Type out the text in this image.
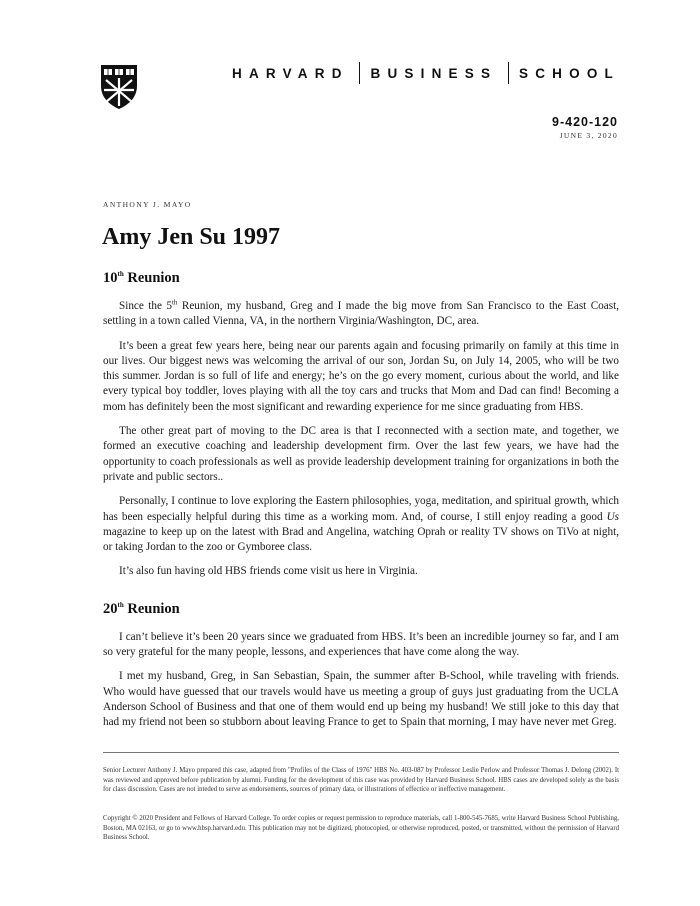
HARVARD BUSINESS SCHOOL
9-420-120
JUNE 3, 2020
ANTHONY J. MAYO
Amy Jen Su 1997
10th Reunion

Since the 5th Reunion, my husband, Greg and I made the big move from San Francisco to the East Coast, settling in a town called Vienna, VA, in the northern Virginia/Washington, DC, area.

It’s been a great few years here, being near our parents again and focusing primarily on family at this time in our lives. Our biggest news was welcoming the arrival of our son, Jordan Su, on July 14, 2005, who will be two this summer. Jordan is so full of life and energy; he’s on the go every moment, curious about the world, and like every typical boy toddler, loves playing with all the toy cars and trucks that Mom and Dad can find! Becoming a mom has definitely been the most significant and rewarding experience for me since graduating from HBS.

The other great part of moving to the DC area is that I reconnected with a section mate, and together, we formed an executive coaching and leadership development firm. Over the last few years, we have had the opportunity to coach professionals as well as provide leadership development training for organizations in both the private and public sectors..

Personally, I continue to love exploring the Eastern philosophies, yoga, meditation, and spiritual growth, which has been especially helpful during this time as a working mom. And, of course, I still enjoy reading a good Us magazine to keep up on the latest with Brad and Angelina, watching Oprah or reality TV shows on TiVo at night, or taking Jordan to the zoo or Gymboree class.

It’s also fun having old HBS friends come visit us here in Virginia.

20th Reunion

I can’t believe it’s been 20 years since we graduated from HBS. It’s been an incredible journey so far, and I am so very grateful for the many people, lessons, and experiences that have come along the way.

I met my husband, Greg, in San Sebastian, Spain, the summer after B-School, while traveling with friends. Who would have guessed that our travels would have us meeting a group of guys just graduating from the UCLA Anderson School of Business and that one of them would end up being my husband! We still joke to this day that had my friend not been so stubborn about leaving France to get to Spain that morning, I may have never met Greg.

Senior Lecturer Anthony J. Mayo prepared this case, adapted from "Profiles of the Class of 1976" HBS No. 403-087 by Professor Leslie Perlow and Professor Thomas J. Delong (2002). It was reviewed and approved before publication by alumni. Funding for the development of this case was provided by Harvard Business School. HBS cases are developed solely as the basis for class discussion. Cases are not inteded to serve as endorsements, sources of primary data, or illustrations of effectice or ineffective management.

Copyright © 2020 President and Fellows of Harvard College. To order copies or request permission to reproduce materials, call 1-800-545-7685, write Harvard Business School Publishing, Boston, MA 02163, or go to www.hbsp.harvard.edu. This publication may not be digitized, photocopied, or otherwise reproduced, posted, or transmitted, without the permission of Harvard Business School.
